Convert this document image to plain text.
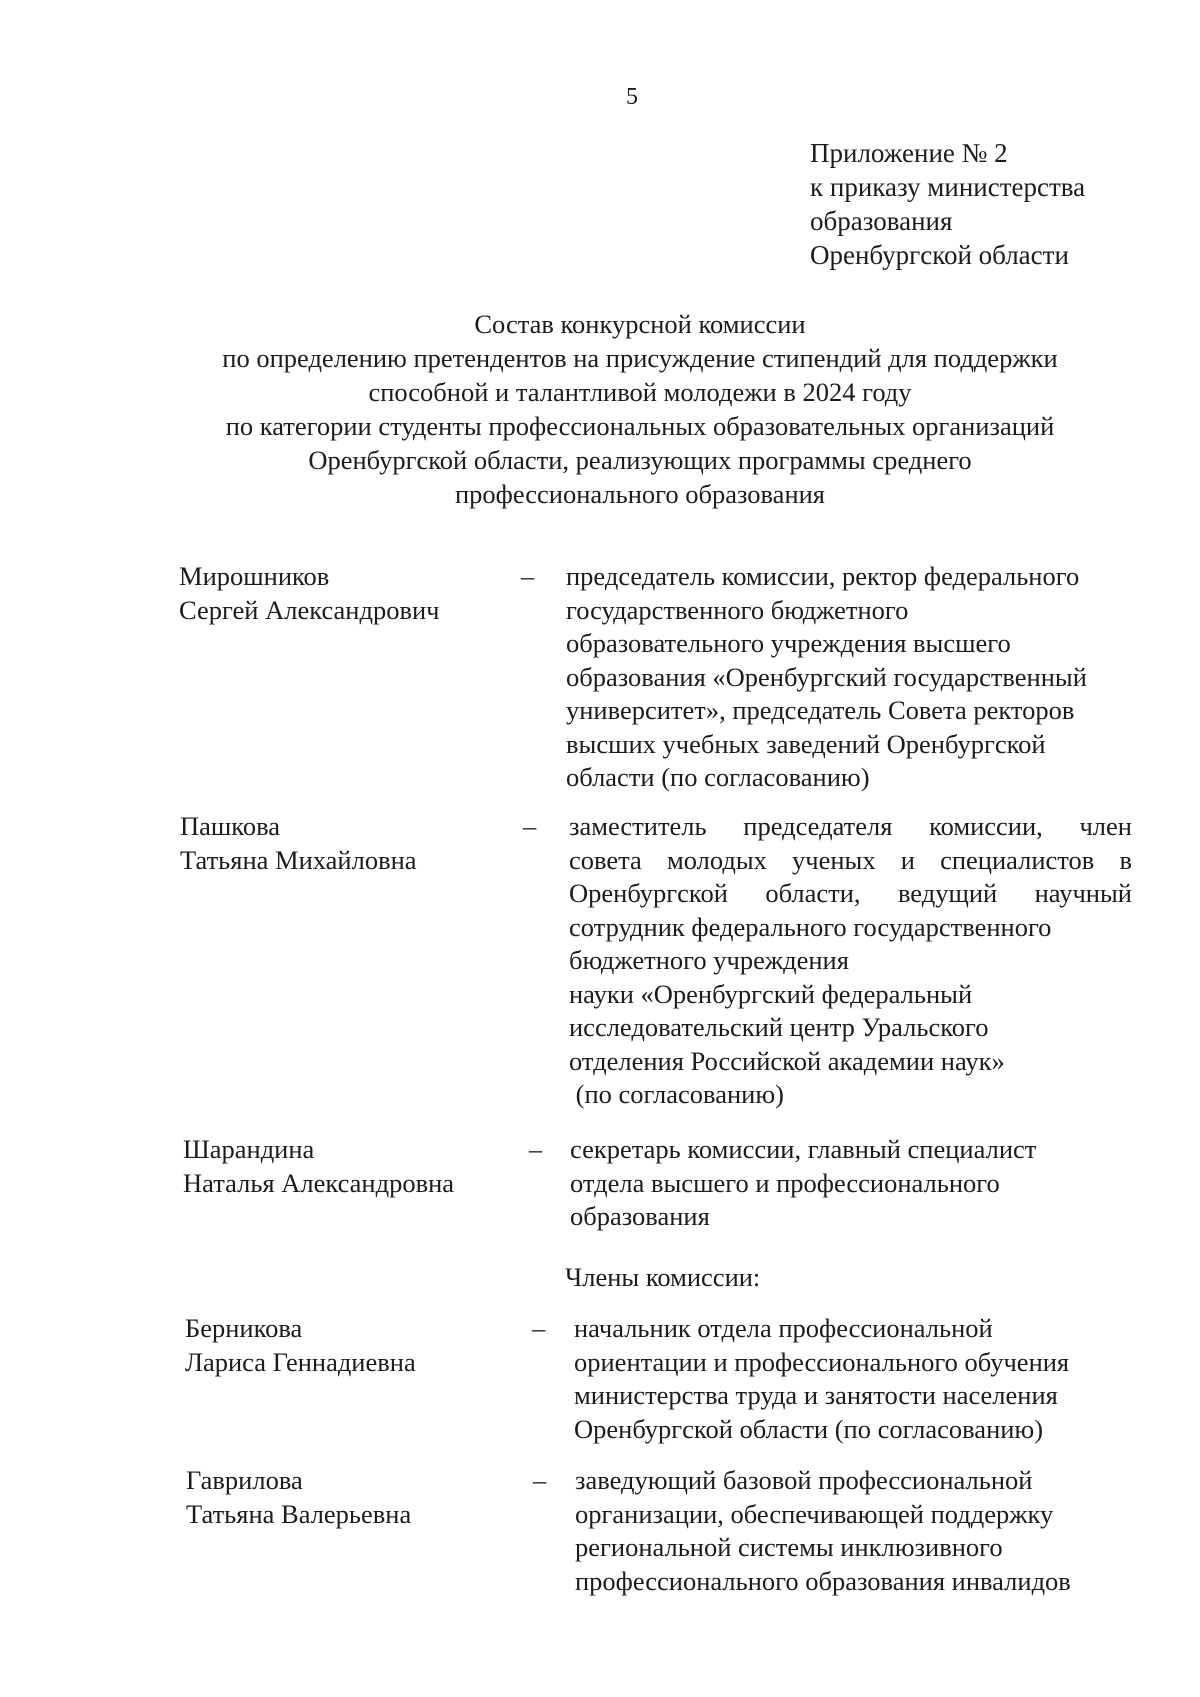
5
Приложение № 2
к приказу министерства
образования
Оренбургской области
Состав конкурсной комиссии
по определению претендентов на присуждение стипендий для поддержки
способной и талантливой молодежи в 2024 году
по категории студенты профессиональных образовательных организаций
Оренбургской области, реализующих программы среднего
профессионального образования
Мирошников
Сергей Александрович
– председатель комиссии, ректор федерального
государственного бюджетного
образовательного учреждения высшего
образования «Оренбургский государственный
университет», председатель Совета ректоров
высших учебных заведений Оренбургской
области (по согласованию)
Пашкова
Татьяна Михайловна
– заместитель председателя комиссии, член
совета молодых ученых и специалистов в
Оренбургской области, ведущий научный
сотрудник федерального государственного
бюджетного учреждения
науки «Оренбургский федеральный
исследовательский центр Уральского
отделения Российской академии наук»
(по согласованию)
Шарандина
Наталья Александровна
– секретарь комиссии, главный специалист
отдела высшего и профессионального
образования
Члены комиссии:
Берникова
Лариса Геннадиевна
– начальник отдела профессиональной
ориентации и профессионального обучения
министерства труда и занятости населения
Оренбургской области (по согласованию)
Гаврилова
Татьяна Валерьевна
– заведующий базовой профессиональной
организации, обеспечивающей поддержку
региональной системы инклюзивного
профессионального образования инвалидов
